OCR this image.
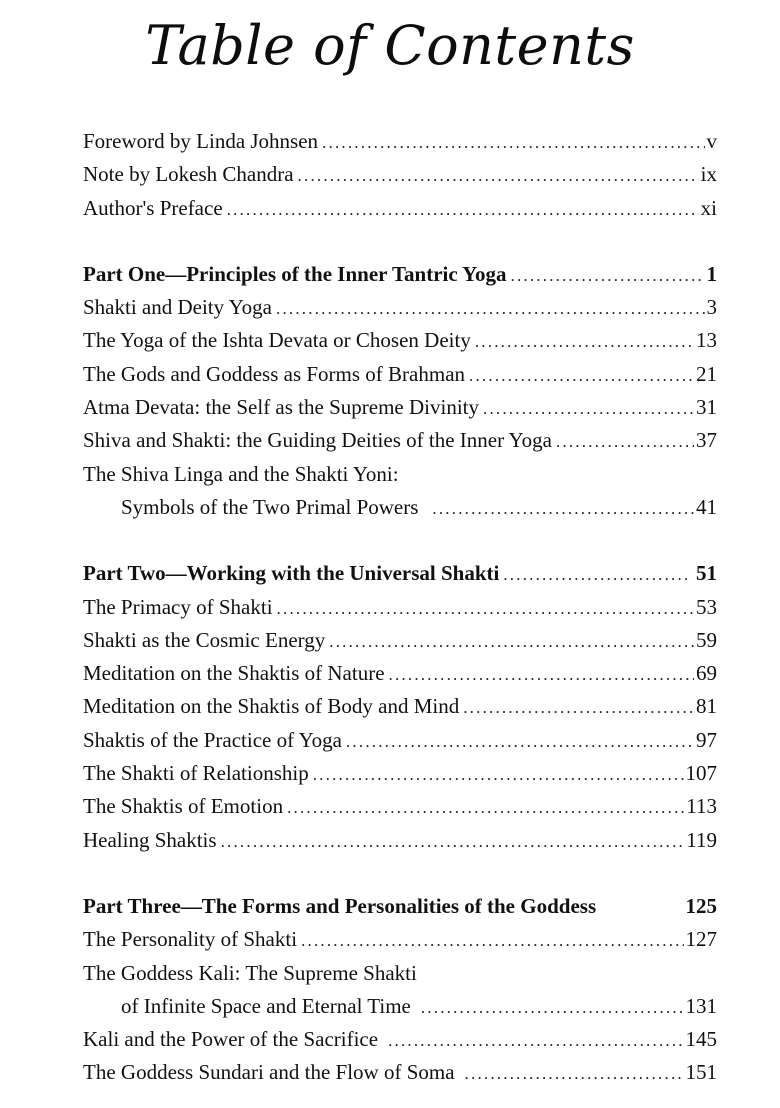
Table of Contents
Foreword by Linda Johnsen .....	v
Note by Lokesh Chandra .....	ix
Author's Preface .....	xi
Part One—Principles of the Inner Tantric Yoga .....	1
Shakti and Deity Yoga .....	3
The Yoga of the Ishta Devata or Chosen Deity .....	13
The Gods and Goddess as Forms of Brahman .....	21
Atma Devata: the Self as the Supreme Divinity .....	31
Shiva and Shakti: the Guiding Deities of the Inner Yoga .....	37
The Shiva Linga and the Shakti Yoni:
Symbols of the Two Primal Powers .....	41
Part Two—Working with the Universal Shakti .....	51
The Primacy of Shakti .....	53
Shakti as the Cosmic Energy .....	59
Meditation on the Shaktis of Nature .....	69
Meditation on the Shaktis of Body and Mind .....	81
Shaktis of the Practice of Yoga .....	97
The Shakti of Relationship .....	107
The Shaktis of Emotion .....	113
Healing Shaktis .....	119
Part Three—The Forms and Personalities of the Goddess	125
The Personality of Shakti .....	127
The Goddess Kali: The Supreme Shakti
of Infinite Space and Eternal Time .....	131
Kali and the Power of the Sacrifice .....	145
The Goddess Sundari and the Flow of Soma .....	151
